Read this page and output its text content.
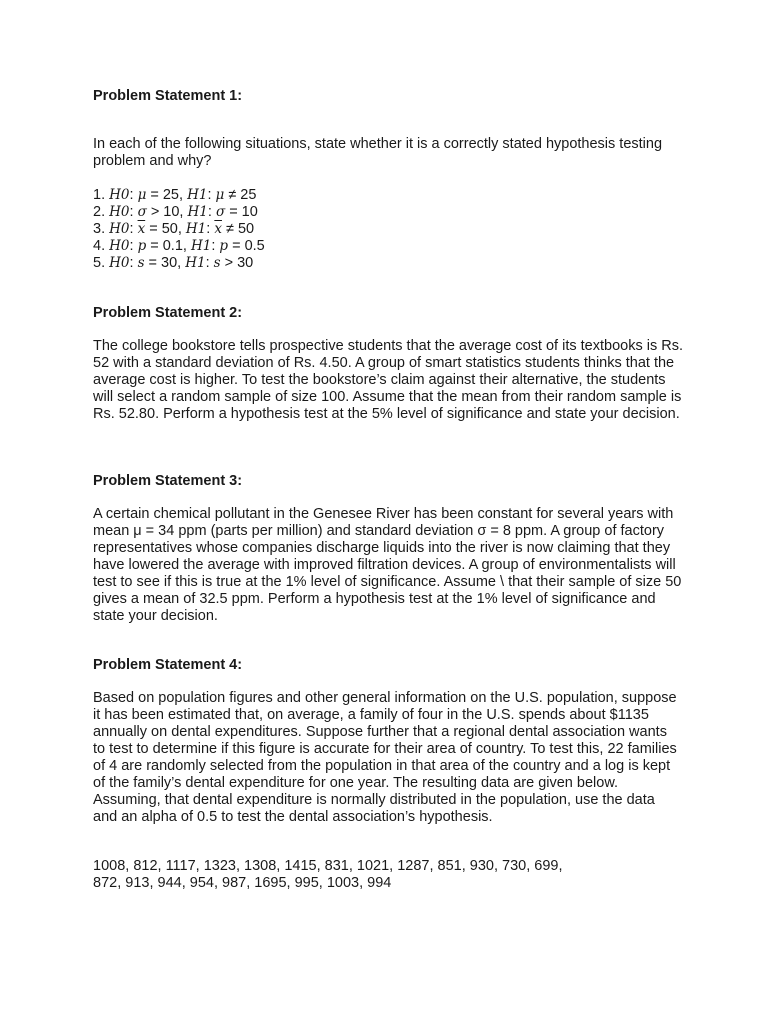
Problem Statement 1:

In each of the following situations, state whether it is a correctly stated hypothesis testing problem and why?

1. H0: μ = 25, H1: μ ≠ 25
2. H0: σ > 10, H1: σ = 10
3. H0: $\overline{x} = 50$, H1: $\overline{x} \ne 50$
4. H0: p = 0.1, H1: p = 0.5
5. H0: s = 30, H1: s > 30

Problem Statement 2:

The college bookstore tells prospective students that the average cost of its textbooks is Rs. 52 with a standard deviation of Rs. 4.50. A group of smart statistics students thinks that the average cost is higher. To test the bookstore’s claim against their alternative, the students will select a random sample of size 100. Assume that the mean from their random sample is Rs. 52.80. Perform a hypothesis test at the 5% level of significance and state your decision.

Problem Statement 3:

A certain chemical pollutant in the Genesee River has been constant for several years with mean μ = 34 ppm (parts per million) and standard deviation σ = 8 ppm. A group of factory representatives whose companies discharge liquids into the river is now claiming that they have lowered the average with improved filtration devices. A group of environmentalists will test to see if this is true at the 1% level of significance. Assume \ that their sample of size 50 gives a mean of 32.5 ppm. Perform a hypothesis test at the 1% level of significance and state your decision.

Problem Statement 4:

Based on population figures and other general information on the U.S. population, suppose it has been estimated that, on average, a family of four in the U.S. spends about $1135 annually on dental expenditures. Suppose further that a regional dental association wants to test to determine if this figure is accurate for their area of country. To test this, 22 families of 4 are randomly selected from the population in that area of the country and a log is kept of the family’s dental expenditure for one year. The resulting data are given below. Assuming, that dental expenditure is normally distributed in the population, use the data and an alpha of 0.5 to test the dental association’s hypothesis.

1008, 812, 1117, 1323, 1308, 1415, 831, 1021, 1287, 851, 930, 730, 699,

872, 913, 944, 954, 987, 1695, 995, 1003, 994
